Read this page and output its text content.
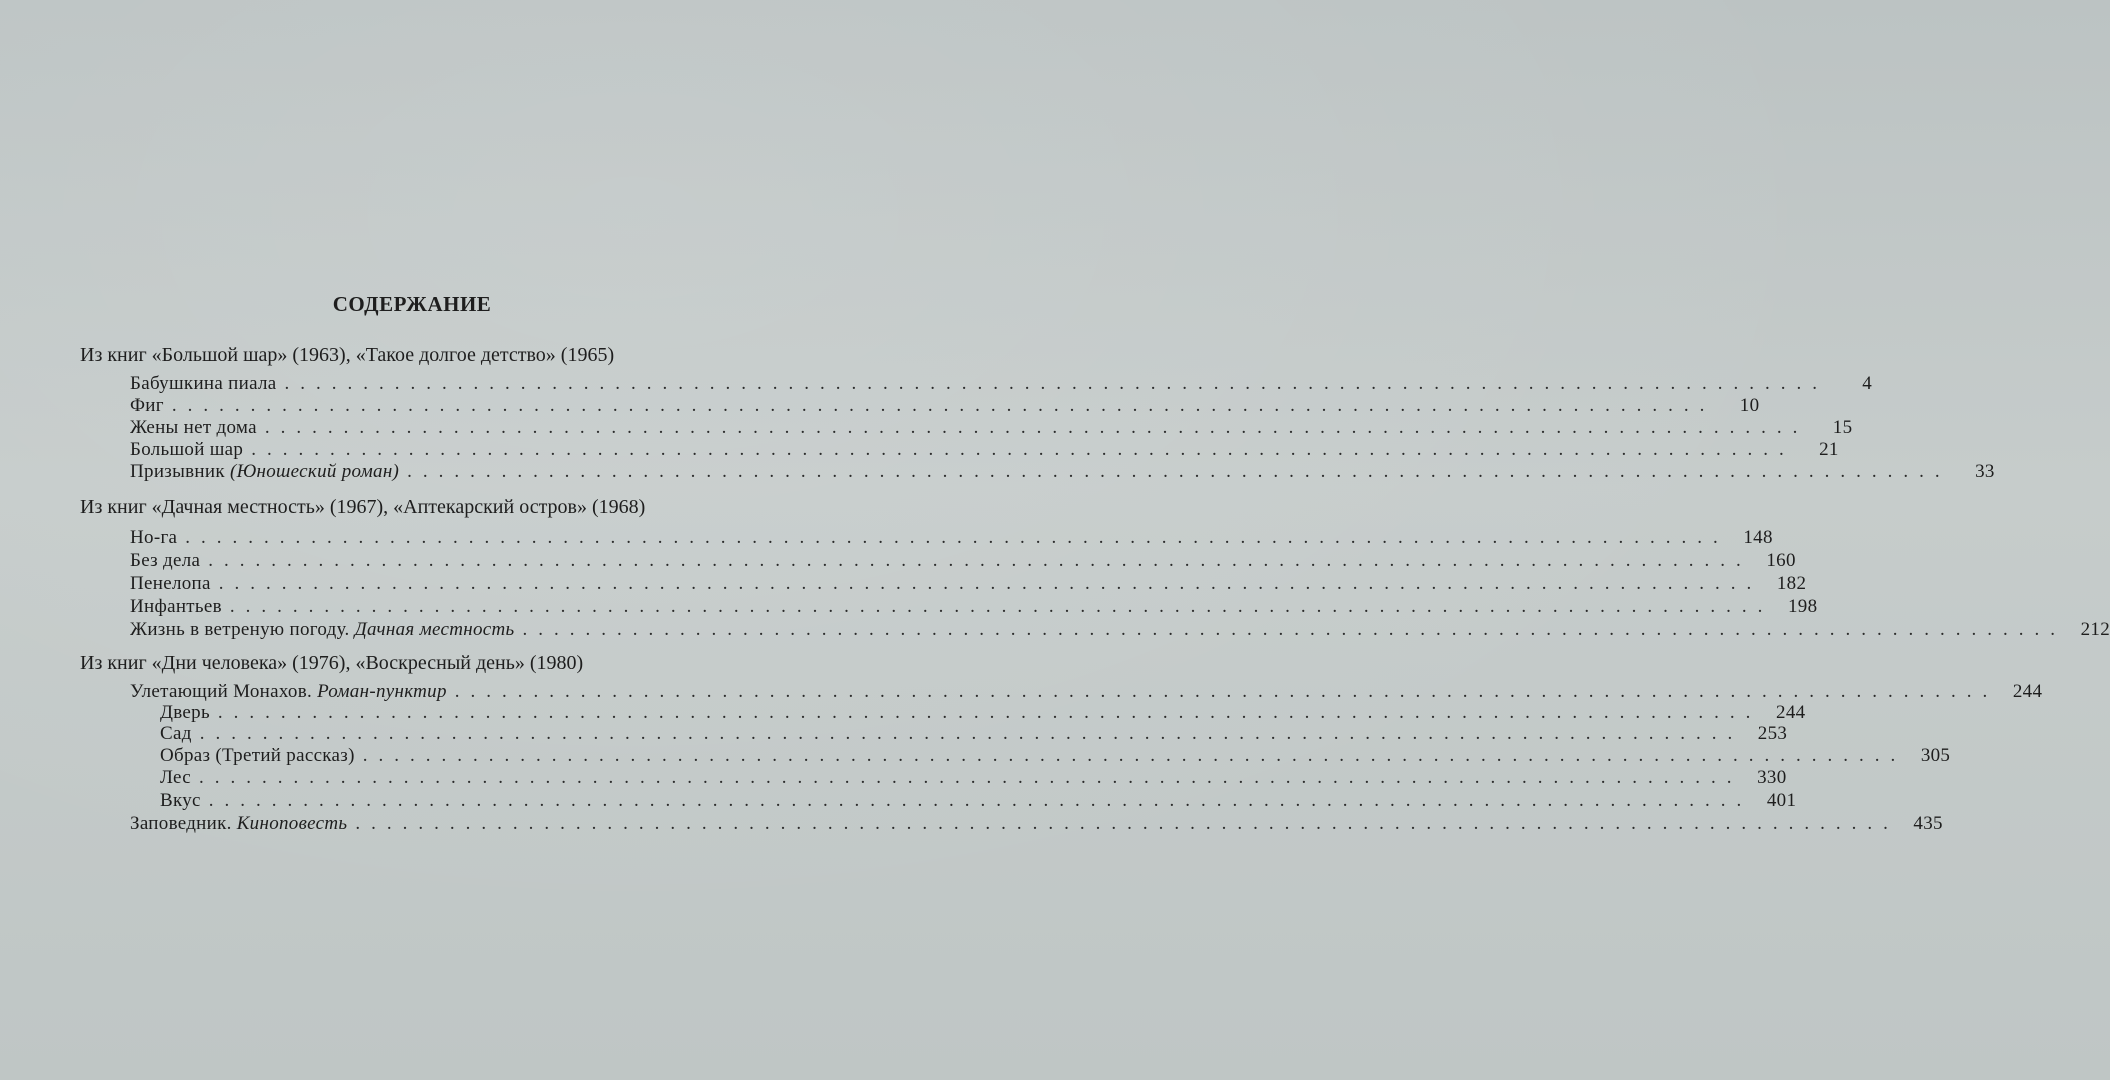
СОДЕРЖАНИЕ
Из книг «Большой шар» (1963), «Такое долгое детство» (1965)
Бабушкина пиала ..................................................................................................	4
Фиг ..................................................................................................	10
Жены нет дома ..................................................................................................	15
Большой шар ..................................................................................................	21
Призывник (Юношеский роман) ..................................................................................................	33
Из книг «Дачная местность» (1967), «Аптекарский остров» (1968)
Но-га .................................................................................................. 148
Без дела .................................................................................................. 160
Пенелопа .................................................................................................. 182
Инфантьев .................................................................................................. 198
Жизнь в ветреную погоду. Дачная местность .................................................................................................. 212
Из книг «Дни человека» (1976), «Воскресный день» (1980)
Улетающий Монахов. Роман-пунктир .................................................................................................. 244
Дверь .................................................................................................. 244
Сад .................................................................................................. 253
Образ (Третий рассказ) .................................................................................................. 305
Лес .................................................................................................. 330
Вкус .................................................................................................. 401
Заповедник. Киноповесть .................................................................................................. 435
